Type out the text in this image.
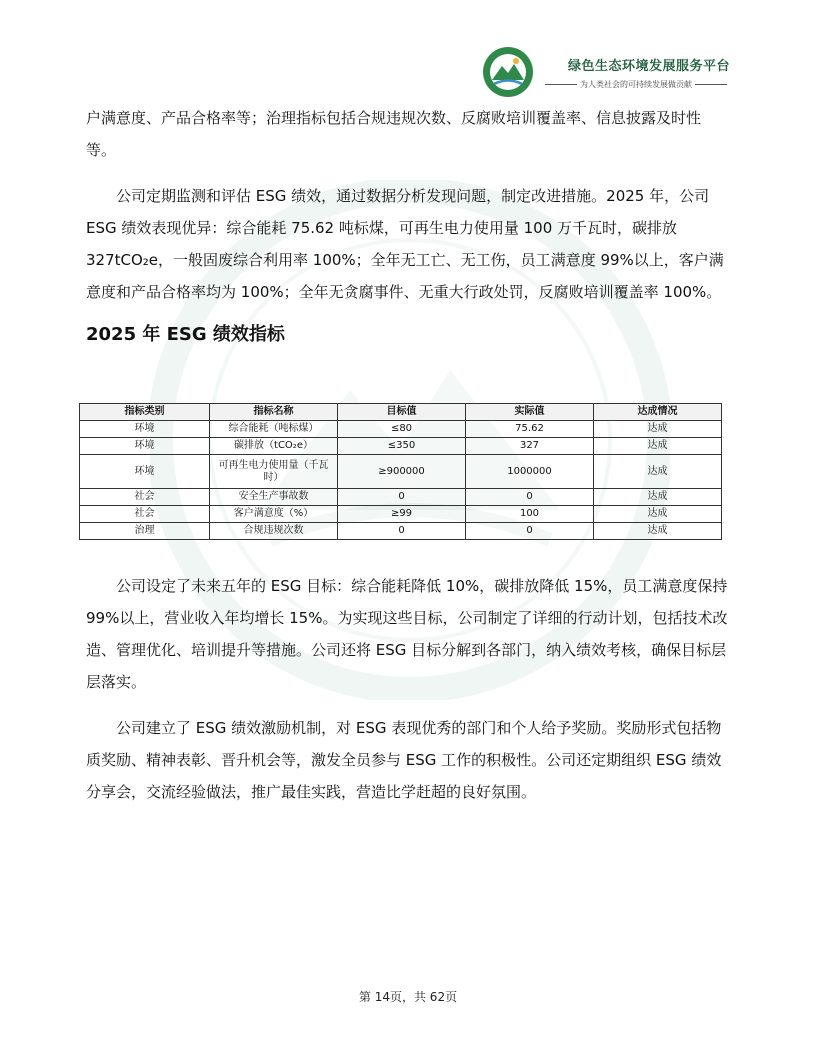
绿色生态环境发展服务平台
为人类社会的可持续发展做贡献

户满意度、产品合格率等；治理指标包括合规违规次数、反腐败培训覆盖率、信息披露及时性等。

公司定期监测和评估 ESG 绩效，通过数据分析发现问题，制定改进措施。2025 年，公司 ESG 绩效表现优异：综合能耗 75.62 吨标煤，可再生电力使用量 100 万千瓦时，碳排放 327tCO₂e，一般固废综合利用率 100%；全年无工亡、无工伤，员工满意度 99%以上，客户满意度和产品合格率均为 100%；全年无贪腐事件、无重大行政处罚，反腐败培训覆盖率 100%。

2025 年 ESG 绩效指标
指标类别	指标名称	目标值	实际值	达成情况
环境	综合能耗（吨标煤）	≤80	75.62	达成
环境	碳排放（tCO₂e）	≤350	327	达成
环境	可再生电力使用量（千瓦时）	≥900000	1000000	达成
社会	安全生产事故数	0	0	达成
社会	客户满意度（%）	≥99	100	达成
治理	合规违规次数	0	0	达成

公司设定了未来五年的 ESG 目标：综合能耗降低 10%，碳排放降低 15%，员工满意度保持 99%以上，营业收入年均增长 15%。为实现这些目标，公司制定了详细的行动计划，包括技术改造、管理优化、培训提升等措施。公司还将 ESG 目标分解到各部门，纳入绩效考核，确保目标层层落实。

公司建立了 ESG 绩效激励机制，对 ESG 表现优秀的部门和个人给予奖励。奖励形式包括物质奖励、精神表彰、晋升机会等，激发全员参与 ESG 工作的积极性。公司还定期组织 ESG 绩效分享会，交流经验做法，推广最佳实践，营造比学赶超的良好氛围。

第 14页，共 62页
